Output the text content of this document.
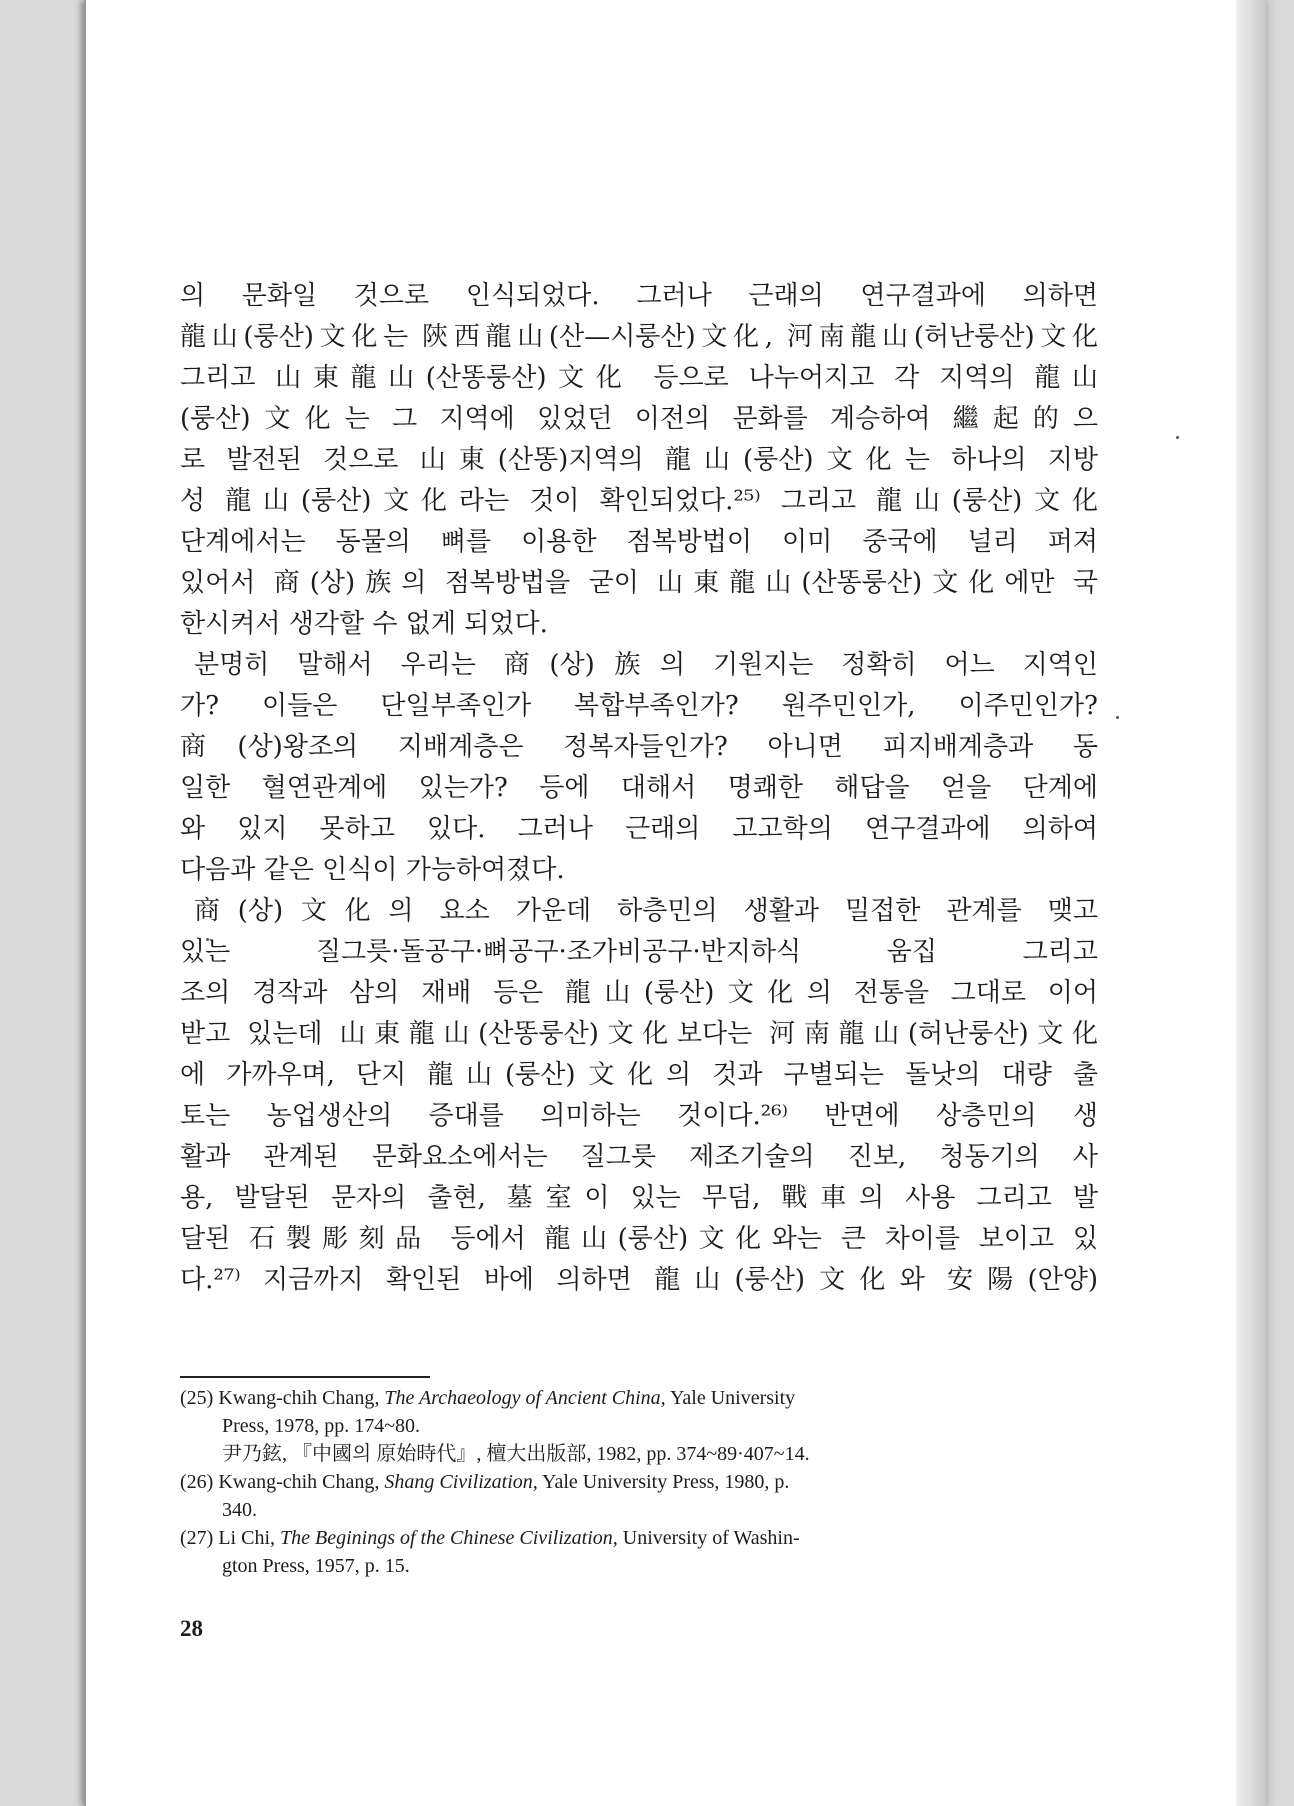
의 문화일 것으로 인식되었다. 그러나 근래의 연구결과에 의하면
龍山(룽산)文化는 陝西龍山(산—시룽산)文化, 河南龍山(허난룽산)文化
그리고 山東龍山(산똥룽산)文化 등으로 나누어지고 각 지역의 龍山
(룽산)文化는 그 지역에 있었던 이전의 문화를 계승하여 繼起的으
로 발전된 것으로 山東(산똥)지역의 龍山(룽산)文化는 하나의 지방
성 龍山(룽산)文化라는 것이 확인되었다.²⁵⁾ 그리고 龍山(룽산)文化
단계에서는 동물의 뼈를 이용한 점복방법이 이미 중국에 널리 퍼져
있어서 商(상)族의 점복방법을 굳이 山東龍山(산똥룽산)文化에만 국
한시켜서 생각할 수 없게 되었다.
분명히 말해서 우리는 商(상)族의 기원지는 정확히 어느 지역인
가? 이들은 단일부족인가 복합부족인가? 원주민인가, 이주민인가?
商(상)왕조의 지배계층은 정복자들인가? 아니면 피지배계층과 동
일한 혈연관계에 있는가? 등에 대해서 명쾌한 해답을 얻을 단계에
와 있지 못하고 있다. 그러나 근래의 고고학의 연구결과에 의하여
다음과 같은 인식이 가능하여졌다.
商(상)文化의 요소 가운데 하층민의 생활과 밀접한 관계를 맺고
있는 질그릇·돌공구·뼈공구·조가비공구·반지하식 움집 그리고
조의 경작과 삼의 재배 등은 龍山(룽산)文化의 전통을 그대로 이어
받고 있는데 山東龍山(산똥룽산)文化보다는 河南龍山(허난룽산)文化
에 가까우며, 단지 龍山(룽산)文化의 것과 구별되는 돌낫의 대량 출
토는 농업생산의 증대를 의미하는 것이다.²⁶⁾ 반면에 상층민의 생
활과 관계된 문화요소에서는 질그릇 제조기술의 진보, 청동기의 사
용, 발달된 문자의 출현, 墓室이 있는 무덤, 戰車의 사용 그리고 발
달된 石製彫刻品 등에서 龍山(룽산)文化와는 큰 차이를 보이고 있
다.²⁷⁾ 지금까지 확인된 바에 의하면 龍山(룽산)文化와 安陽(안양)
(25) Kwang-chih Chang, The Archaeology of Ancient China, Yale University
Press, 1978, pp. 174~80.
尹乃鉉, 『中國의 原始時代』, 檀大出版部, 1982, pp. 374~89·407~14.
(26) Kwang-chih Chang, Shang Civilization, Yale University Press, 1980, p.
340.
(27) Li Chi, The Beginings of the Chinese Civilization, University of Washin-
gton Press, 1957, p. 15.
28
